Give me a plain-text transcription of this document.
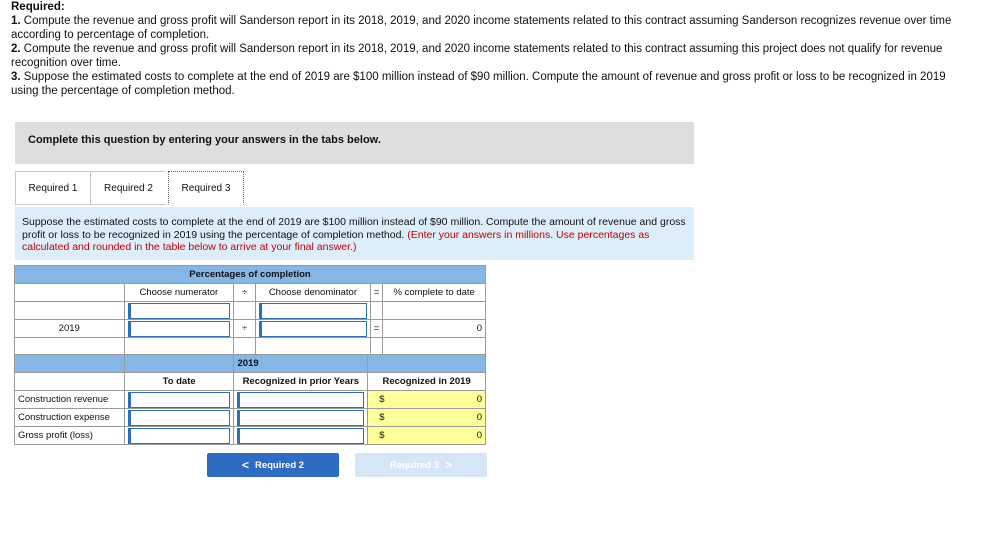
Required:
1. Compute the revenue and gross profit will Sanderson report in its 2018, 2019, and 2020 income statements related to this contract assuming Sanderson recognizes revenue over time according to percentage of completion.
2. Compute the revenue and gross profit will Sanderson report in its 2018, 2019, and 2020 income statements related to this contract assuming this project does not qualify for revenue recognition over time.
3. Suppose the estimated costs to complete at the end of 2019 are $100 million instead of $90 million. Compute the amount of revenue and gross profit or loss to be recognized in 2019 using the percentage of completion method.
Complete this question by entering your answers in the tabs below.
Required 1	Required 2	Required 3
Suppose the estimated costs to complete at the end of 2019 are $100 million instead of $90 million. Compute the amount of revenue and gross profit or loss to be recognized in 2019 using the percentage of completion method. (Enter your answers in millions. Use percentages as calculated and rounded in the table below to arrive at your final answer.)
Percentages of completion					
	Choose numerator	÷	Choose denominator	=	% complete to date

2019		÷		=	0

		2019	
	To date	Recognized in prior Years	Recognized in 2019
Construction revenue			$ 0
Construction expense			$ 0
Gross profit (loss)			$ 0
< Required 2	Required 3 >
